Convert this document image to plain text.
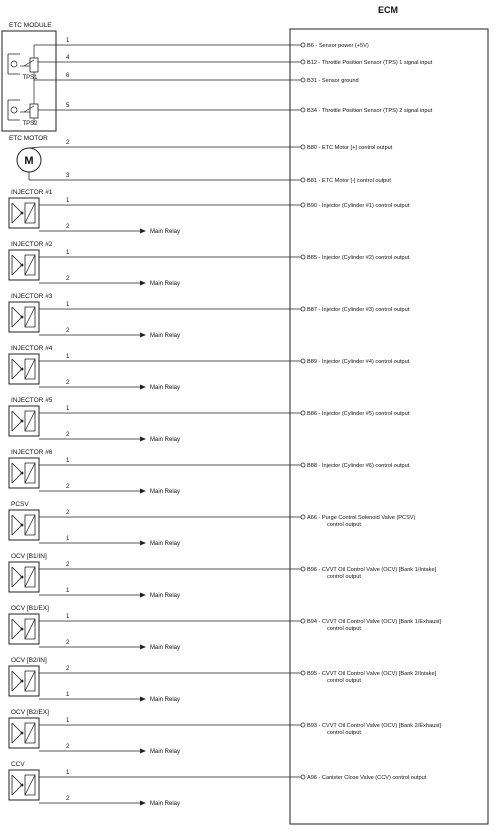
ECM
ETC MODULE
TPS1
TPS2
1
4
6
5
B6 - Sensor power (+5V)
B12 - Throttle Position Sensor (TPS) 1 signal input
B31 - Sensor ground
B34 - Throttle Position Sensor (TPS) 2 signal input
ETC MOTOR
M
2
3
B80 - ETC Motor [+] control output
B81 - ETC Motor [-] control output
INJECTOR #1
1
2
Main Relay
B90 - Injector (Cylinder #1) control output
INJECTOR #2
1
2
Main Relay
B85 - Injector (Cylinder #2) control output
INJECTOR #3
1
2
Main Relay
B87 - Injector (Cylinder #3) control output
INJECTOR #4
1
2
Main Relay
B89 - Injector (Cylinder #4) control output
INJECTOR #5
1
2
Main Relay
B86 - Injector (Cylinder #5) control output
INJECTOR #6
1
2
Main Relay
B88 - Injector (Cylinder #6) control output
PCSV
2
1
Main Relay
A66 - Purge Control Solenoid Valve (PCSV)
control output
OCV [B1/IN]
2
1
Main Relay
B96 - CVVT Oil Control Valve (OCV) [Bank 1/Intake]
control output
OCV [B1/EX]
1
2
Main Relay
B94 - CVVT Oil Control Valve (OCV) [Bank 1/Exhaust]
control output
OCV [B2/IN]
2
1
Main Relay
B95 - CVVT Oil Control Valve (OCV) [Bank 2/Intake]
control output
OCV [B2/EX]
1
2
Main Relay
B93 - CVVT Oil Control Valve (OCV) [Bank 2/Exhaust]
control output
CCV
1
2
Main Relay
A96 - Canister Close Valve (CCV) control output
